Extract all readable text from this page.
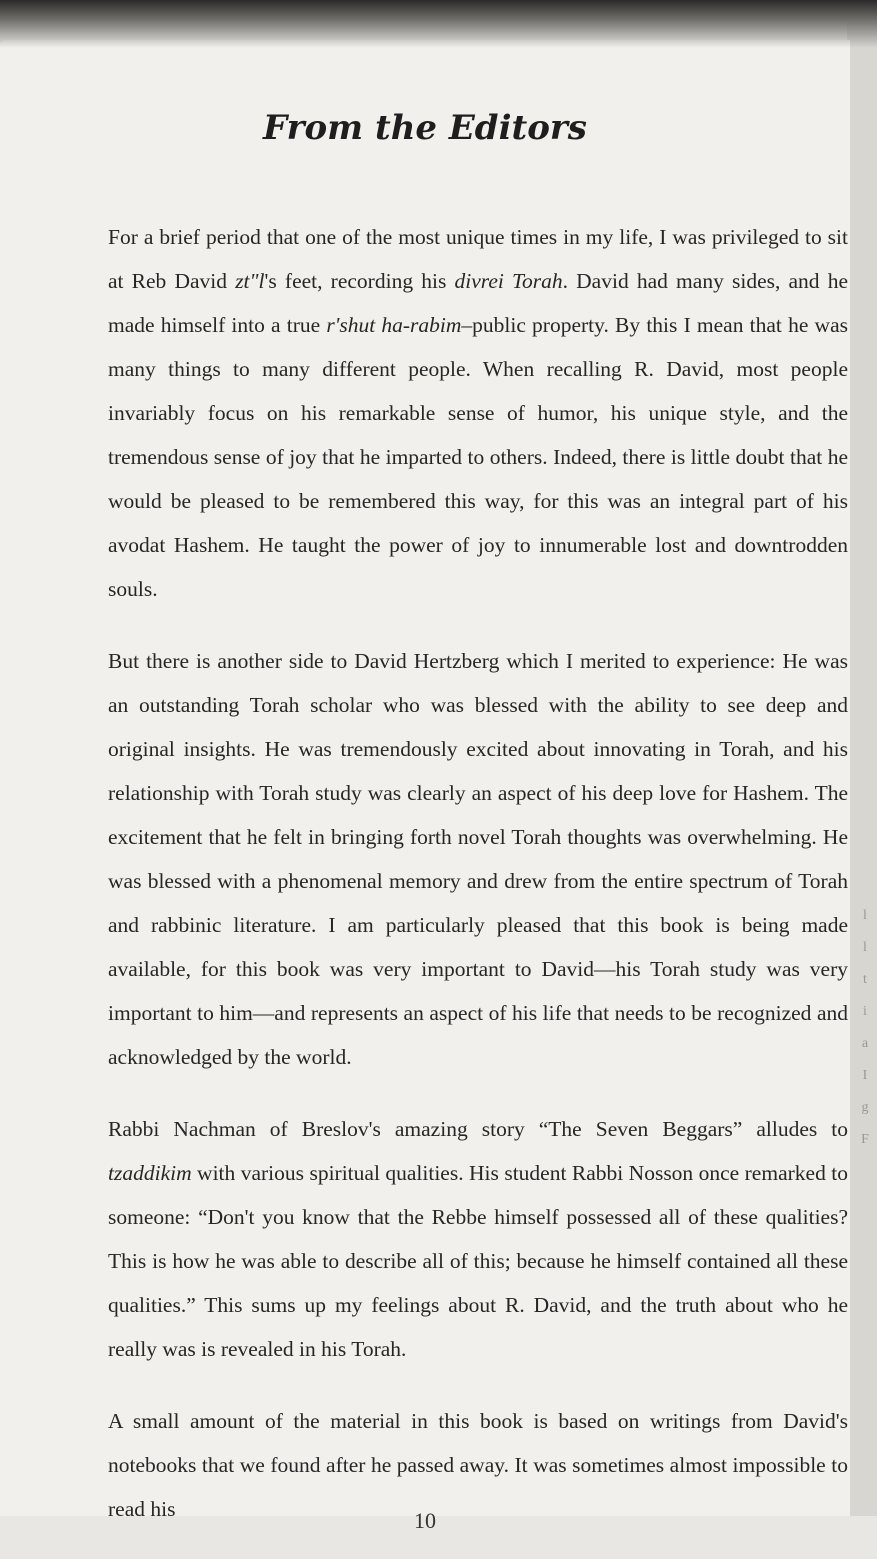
From the Editors

For a brief period that one of the most unique times in my life, I was privileged to sit at Reb David zt"l's feet, recording his divrei Torah. David had many sides, and he made himself into a true r'shut ha-rabim–public property. By this I mean that he was many things to many different people. When recalling R. David, most people invariably focus on his remarkable sense of humor, his unique style, and the tremendous sense of joy that he imparted to others. Indeed, there is little doubt that he would be pleased to be remembered this way, for this was an integral part of his avodat Hashem. He taught the power of joy to innumerable lost and downtrodden souls.

But there is another side to David Hertzberg which I merited to experience: He was an outstanding Torah scholar who was blessed with the ability to see deep and original insights. He was tremendously excited about innovating in Torah, and his relationship with Torah study was clearly an aspect of his deep love for Hashem. The excitement that he felt in bringing forth novel Torah thoughts was overwhelming. He was blessed with a phenomenal memory and drew from the entire spectrum of Torah and rabbinic literature. I am particularly pleased that this book is being made available, for this book was very important to David—his Torah study was very important to him—and represents an aspect of his life that needs to be recognized and acknowledged by the world.

Rabbi Nachman of Breslov's amazing story “The Seven Beggars” alludes to tzaddikim with various spiritual qualities. His student Rabbi Nosson once remarked to someone: “Don't you know that the Rebbe himself possessed all of these qualities? This is how he was able to describe all of this; because he himself contained all these qualities.” This sums up my feelings about R. David, and the truth about who he really was is revealed in his Torah.

A small amount of the material in this book is based on writings from David's notebooks that we found after he passed away. It was sometimes almost impossible to read his	10
l
l
t
i
a
I
g
F
